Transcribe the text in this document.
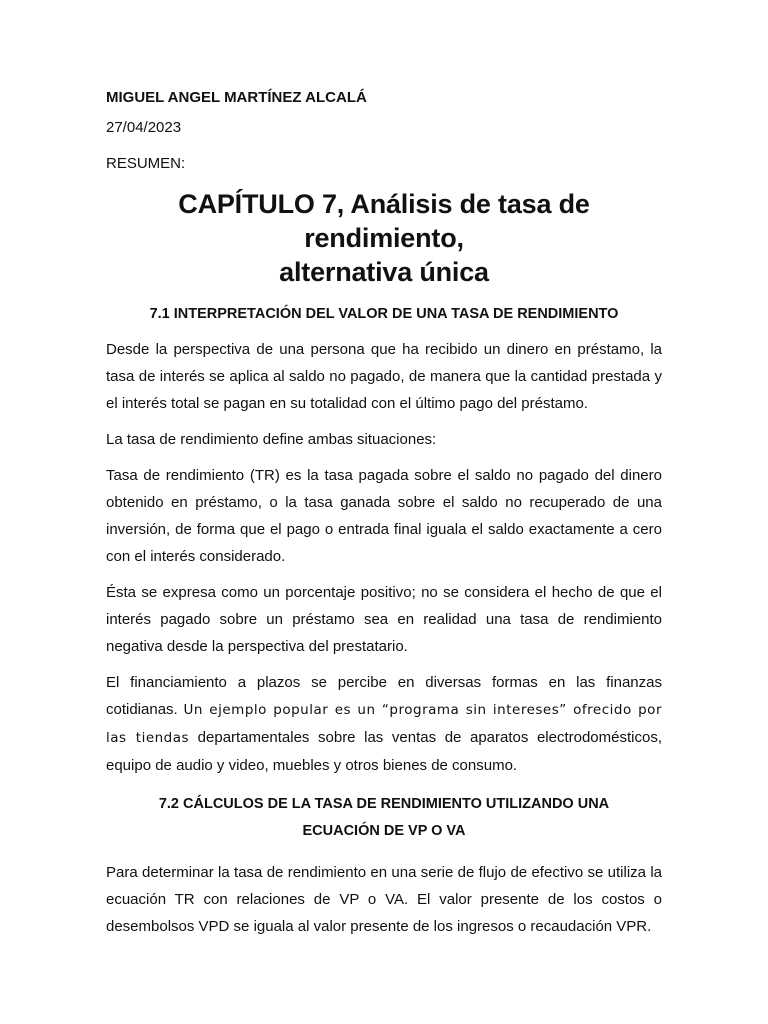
MIGUEL ANGEL MARTÍNEZ ALCALÁ
27/04/2023
RESUMEN:
CAPÍTULO 7, Análisis de tasa de rendimiento,
alternativa única
7.1 INTERPRETACIÓN DEL VALOR DE UNA TASA DE RENDIMIENTO

Desde la perspectiva de una persona que ha recibido un dinero en préstamo, la tasa de interés se aplica al saldo no pagado, de manera que la cantidad prestada y el interés total se pagan en su totalidad con el último pago del préstamo.

La tasa de rendimiento define ambas situaciones:

Tasa de rendimiento (TR) es la tasa pagada sobre el saldo no pagado del dinero obtenido en préstamo, o la tasa ganada sobre el saldo no recuperado de una inversión, de forma que el pago o entrada final iguala el saldo exactamente a cero con el interés considerado.

Ésta se expresa como un porcentaje positivo; no se considera el hecho de que el interés pagado sobre un préstamo sea en realidad una tasa de rendimiento negativa desde la perspectiva del prestatario.

El financiamiento a plazos se percibe en diversas formas en las finanzas cotidianas. Un ejemplo popular es un “programa sin intereses” ofrecido por las tiendas departamentales sobre las ventas de aparatos electrodomésticos, equipo de audio y video, muebles y otros bienes de consumo.

7.2 CÁLCULOS DE LA TASA DE RENDIMIENTO UTILIZANDO UNA
ECUACIÓN DE VP O VA

Para determinar la tasa de rendimiento en una serie de flujo de efectivo se utiliza la ecuación TR con relaciones de VP o VA. El valor presente de los costos o desembolsos VPD se iguala al valor presente de los ingresos o recaudación VPR.
